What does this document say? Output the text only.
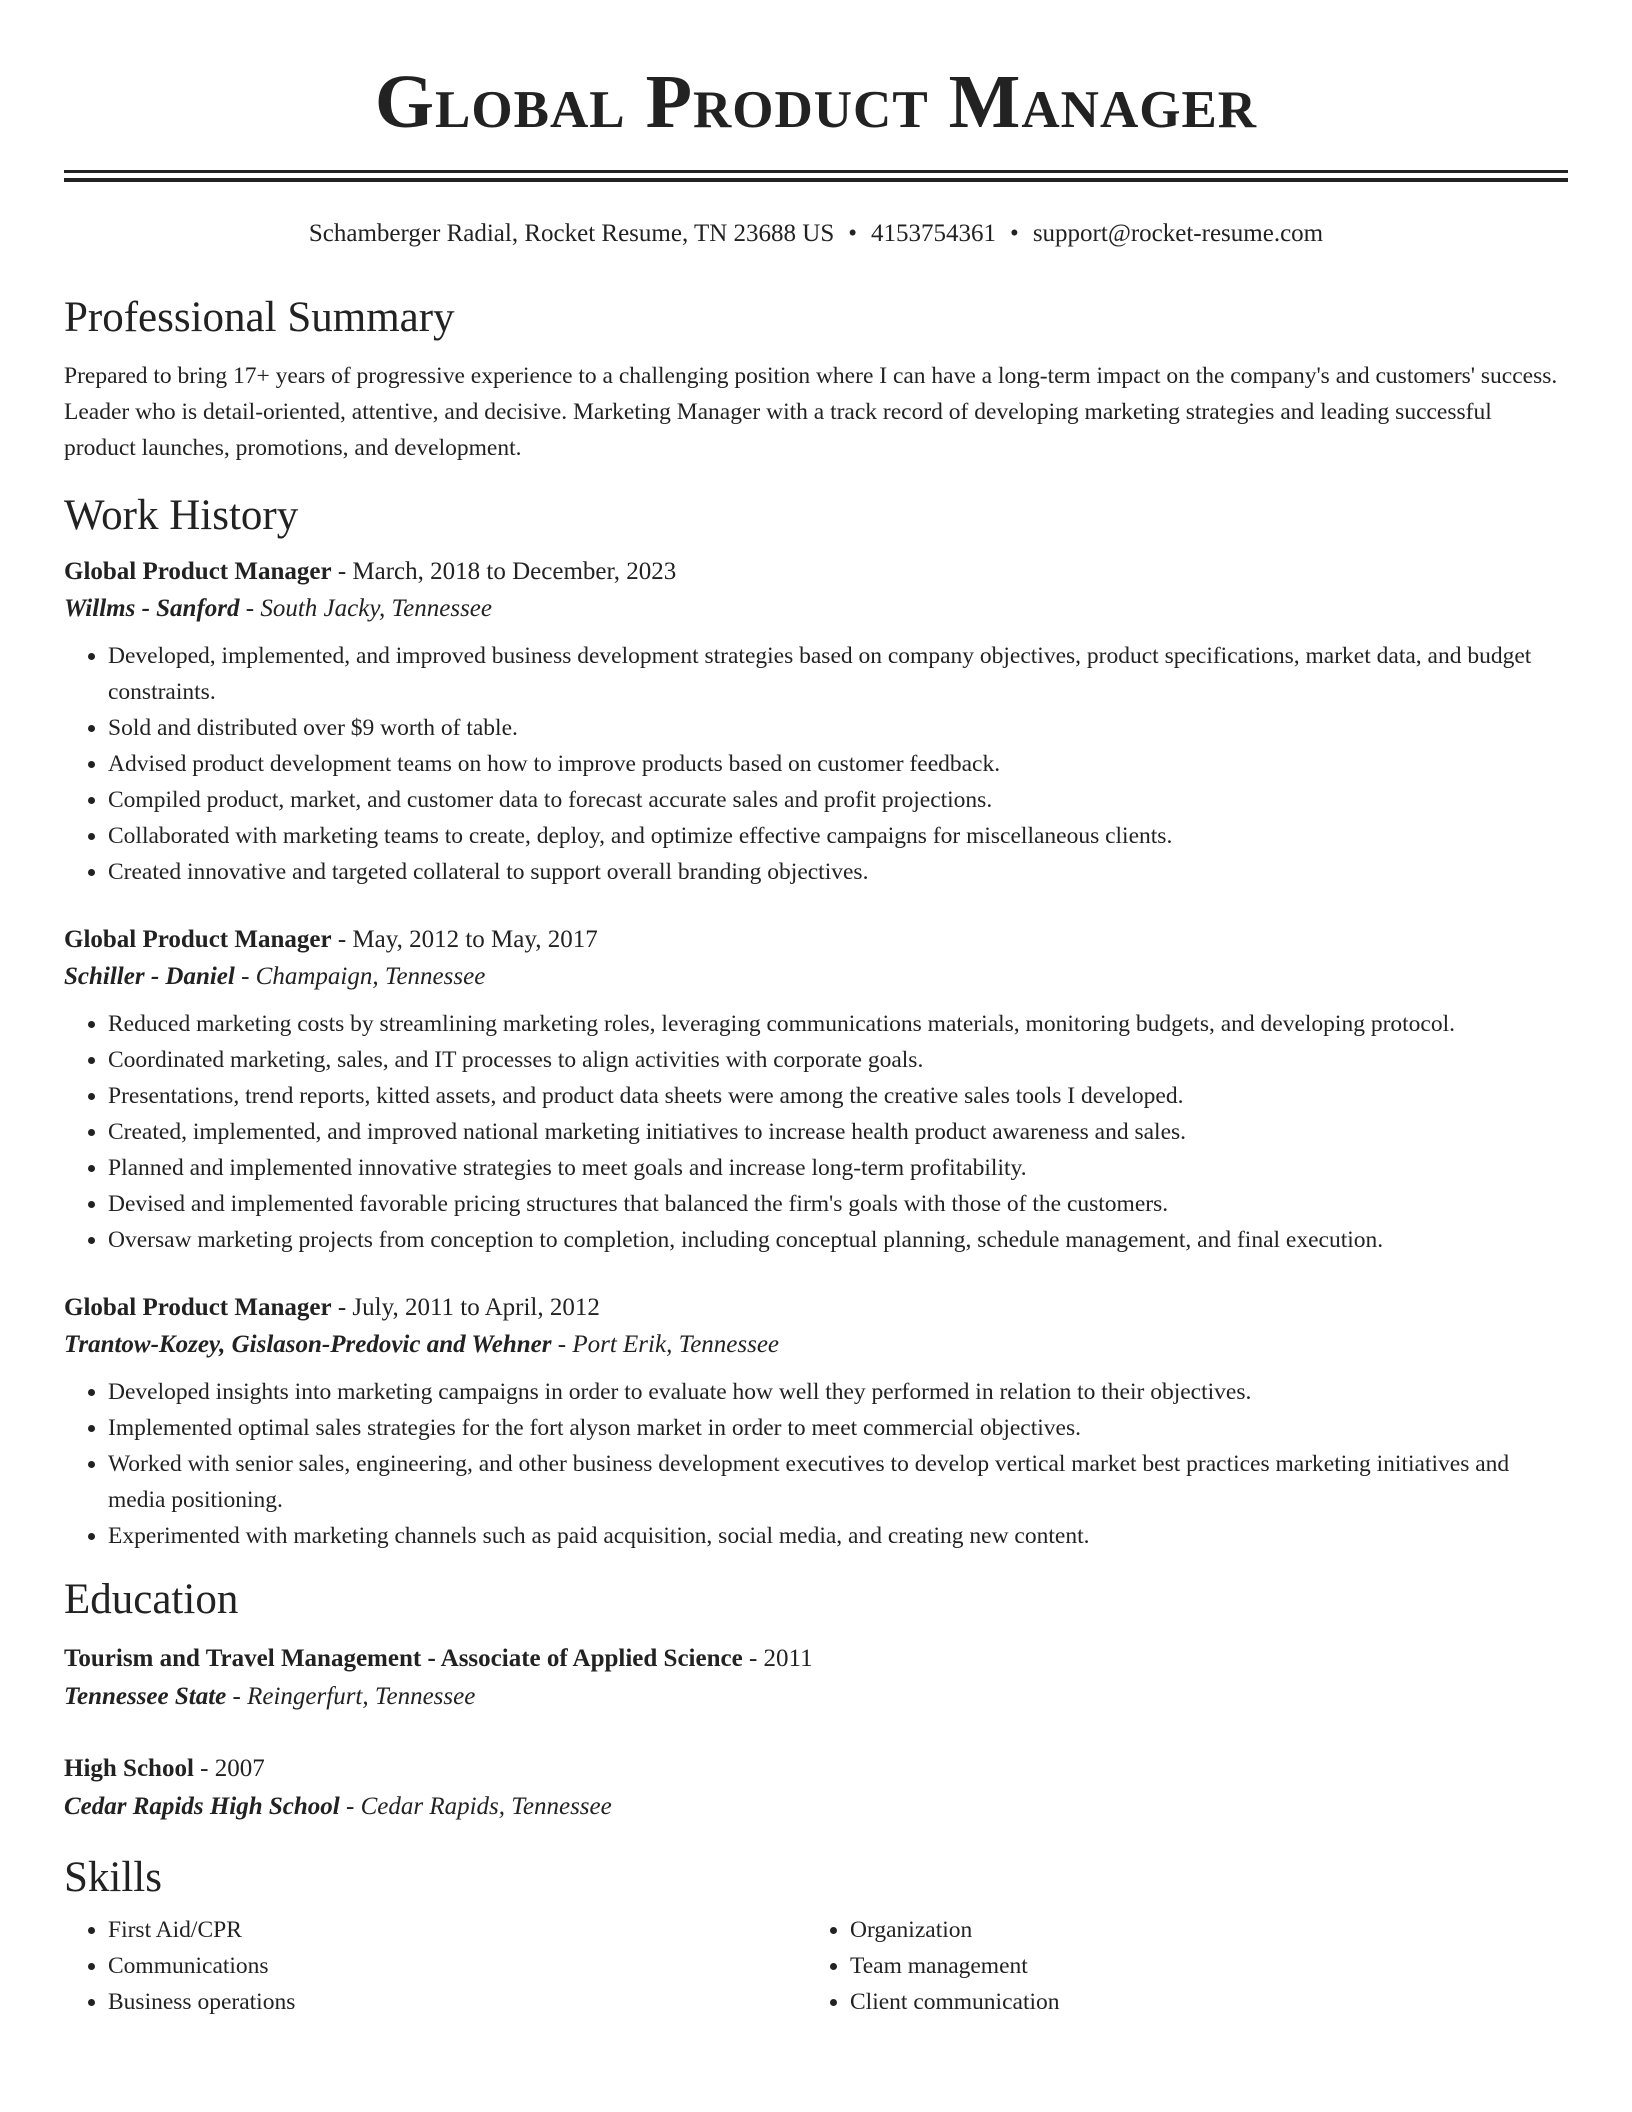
Global Product Manager
Schamberger Radial, Rocket Resume, TN 23688 US • 4153754361 • support@rocket-resume.com
Professional Summary
Prepared to bring 17+ years of progressive experience to a challenging position where I can have a long-term impact on the company's and customers' success. Leader who is detail-oriented, attentive, and decisive. Marketing Manager with a track record of developing marketing strategies and leading successful product launches, promotions, and development.
Work History
Global Product Manager - March, 2018 to December, 2023
Willms - Sanford - South Jacky, Tennessee
• Developed, implemented, and improved business development strategies based on company objectives, product specifications, market data, and budget constraints.
• Sold and distributed over $9 worth of table.
• Advised product development teams on how to improve products based on customer feedback.
• Compiled product, market, and customer data to forecast accurate sales and profit projections.
• Collaborated with marketing teams to create, deploy, and optimize effective campaigns for miscellaneous clients.
• Created innovative and targeted collateral to support overall branding objectives.
Global Product Manager - May, 2012 to May, 2017
Schiller - Daniel - Champaign, Tennessee
• Reduced marketing costs by streamlining marketing roles, leveraging communications materials, monitoring budgets, and developing protocol.
• Coordinated marketing, sales, and IT processes to align activities with corporate goals.
• Presentations, trend reports, kitted assets, and product data sheets were among the creative sales tools I developed.
• Created, implemented, and improved national marketing initiatives to increase health product awareness and sales.
• Planned and implemented innovative strategies to meet goals and increase long-term profitability.
• Devised and implemented favorable pricing structures that balanced the firm's goals with those of the customers.
• Oversaw marketing projects from conception to completion, including conceptual planning, schedule management, and final execution.
Global Product Manager - July, 2011 to April, 2012
Trantow-Kozey, Gislason-Predovic and Wehner - Port Erik, Tennessee
• Developed insights into marketing campaigns in order to evaluate how well they performed in relation to their objectives.
• Implemented optimal sales strategies for the fort alyson market in order to meet commercial objectives.
• Worked with senior sales, engineering, and other business development executives to develop vertical market best practices marketing initiatives and media positioning.
• Experimented with marketing channels such as paid acquisition, social media, and creating new content.
Education
Tourism and Travel Management - Associate of Applied Science - 2011
Tennessee State - Reingerfurt, Tennessee
High School - 2007
Cedar Rapids High School - Cedar Rapids, Tennessee
Skills
• First Aid/CPR
• Communications
• Business operations
• Organization
• Team management
• Client communication
